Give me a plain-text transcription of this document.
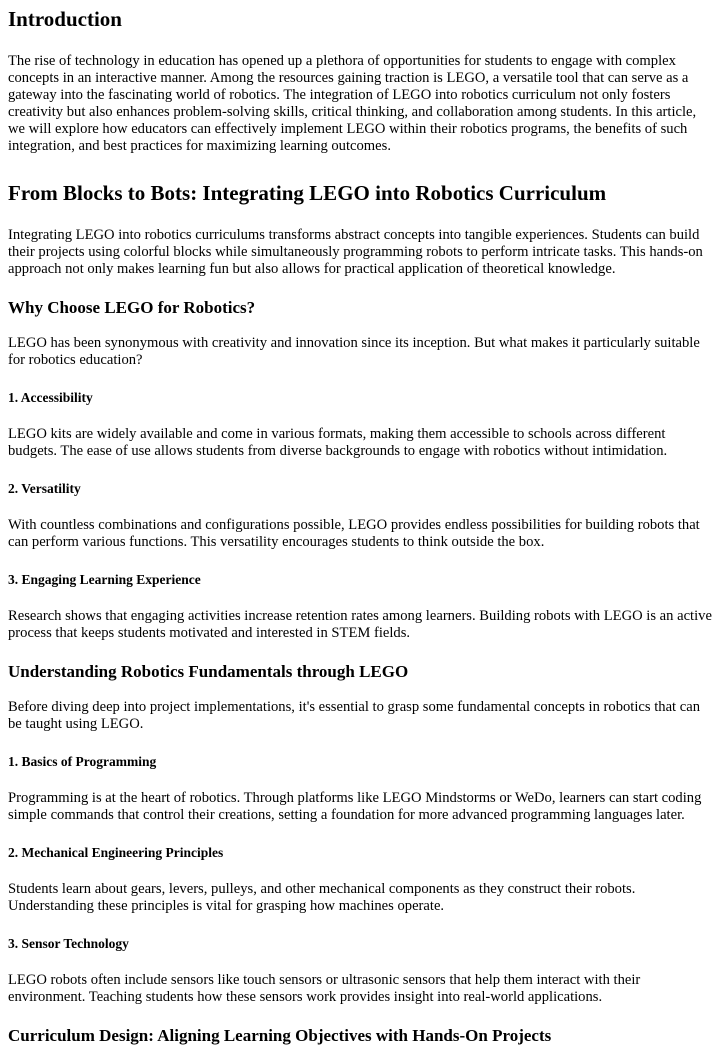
Introduction

The rise of technology in education has opened up a plethora of opportunities for students to engage with complex concepts in an interactive manner. Among the resources gaining traction is LEGO, a versatile tool that can serve as a gateway into the fascinating world of robotics. The integration of LEGO into robotics curriculum not only fosters creativity but also enhances problem-solving skills, critical thinking, and collaboration among students. In this article, we will explore how educators can effectively implement LEGO within their robotics programs, the benefits of such integration, and best practices for maximizing learning outcomes.

From Blocks to Bots: Integrating LEGO into Robotics Curriculum

Integrating LEGO into robotics curriculums transforms abstract concepts into tangible experiences. Students can build their projects using colorful blocks while simultaneously programming robots to perform intricate tasks. This hands-on approach not only makes learning fun but also allows for practical application of theoretical knowledge.

Why Choose LEGO for Robotics?

LEGO has been synonymous with creativity and innovation since its inception. But what makes it particularly suitable for robotics education?

1. Accessibility

LEGO kits are widely available and come in various formats, making them accessible to schools across different budgets. The ease of use allows students from diverse backgrounds to engage with robotics without intimidation.

2. Versatility

With countless combinations and configurations possible, LEGO provides endless possibilities for building robots that can perform various functions. This versatility encourages students to think outside the box.

3. Engaging Learning Experience

Research shows that engaging activities increase retention rates among learners. Building robots with LEGO is an active process that keeps students motivated and interested in STEM fields.

Understanding Robotics Fundamentals through LEGO

Before diving deep into project implementations, it's essential to grasp some fundamental concepts in robotics that can be taught using LEGO.

1. Basics of Programming

Programming is at the heart of robotics. Through platforms like LEGO Mindstorms or WeDo, learners can start coding simple commands that control their creations, setting a foundation for more advanced programming languages later.

2. Mechanical Engineering Principles

Students learn about gears, levers, pulleys, and other mechanical components as they construct their robots. Understanding these principles is vital for grasping how machines operate.

3. Sensor Technology

LEGO robots often include sensors like touch sensors or ultrasonic sensors that help them interact with their environment. Teaching students how these sensors work provides insight into real-world applications.

Curriculum Design: Aligning Learning Objectives with Hands-On Projects
